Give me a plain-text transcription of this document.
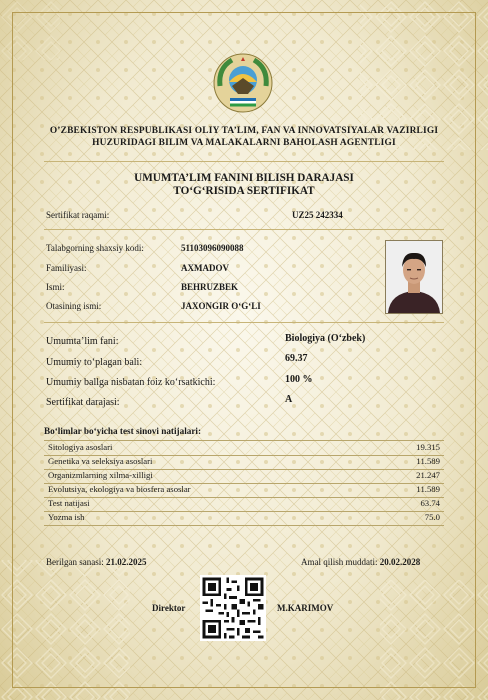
O’ZBEKISTON RESPUBLIKASI OLIY TA’LIM, FAN VA INNOVATSIYALAR VAZIRLIGI
HUZURIDAGI BILIM VA MALAKALARNI BAHOLASH AGENTLIGI
UMUMTA’LIM FANINI BILISH DARAJASI
TO‘G‘RISIDA SERTIFIKAT
Sertifikat raqami:	UZ25 242334
Talabgorning shaxsiy kodi:	51103096090088
Familiyasi:	AXMADOV
Ismi:	BEHRUZBEK
Otasining ismi:	JAXONGIR O‘G‘LI
Umumta’lim fani:	Biologiya (O‘zbek)
Umumiy to‘plagan bali:	69.37
Umumiy ballga nisbatan foiz ko‘rsatkichi:	100 %
Sertifikat darajasi:	A
Bo‘limlar bo‘yicha test sinovi natijalari:
Sitologiya asoslari	19.315
Genetika va seleksiya asoslari	11.589
Organizmlarning xilma-xilligi	21.247
Evolutsiya, ekologiya va biosfera asoslar	11.589
Test natijasi	63.74
Yozma ish	75.0
Berilgan sanasi: 21.02.2025	Amal qilish muddati: 20.02.2028
Direktor	M.KARIMOV
